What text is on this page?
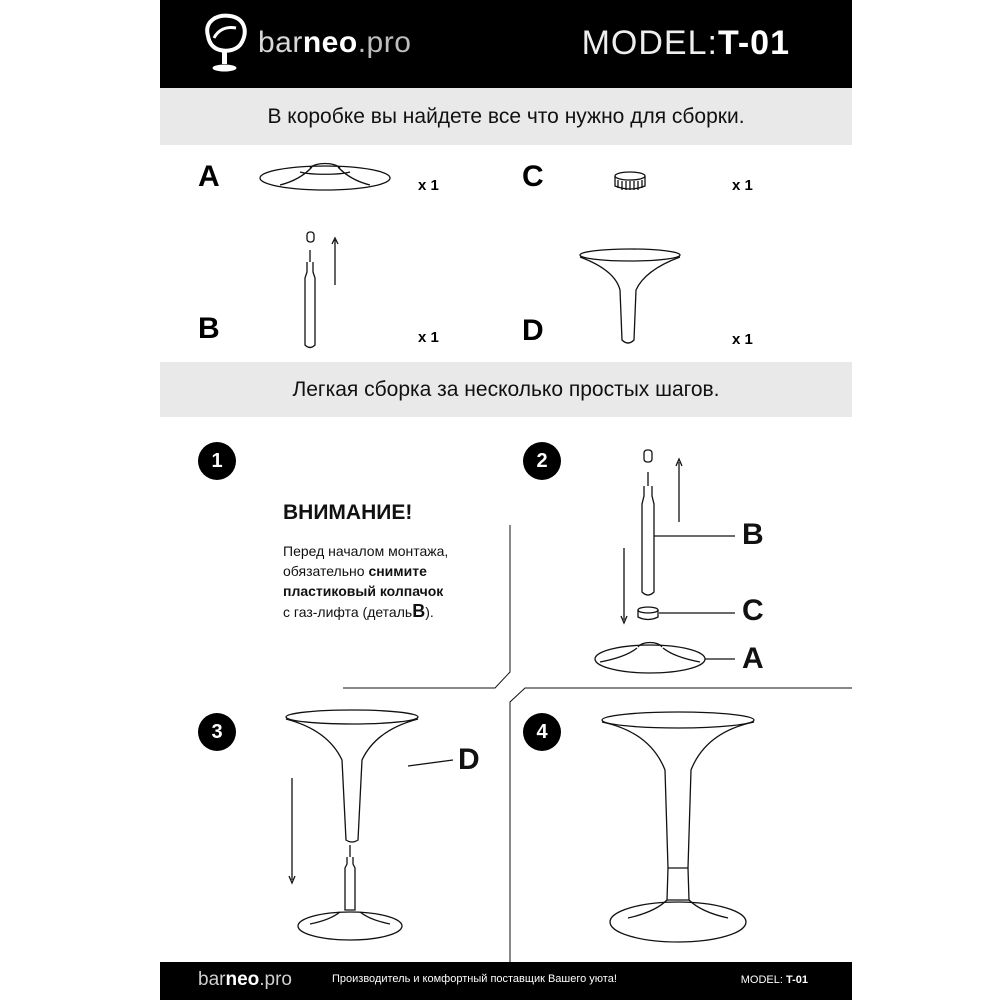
barneo.pro	MODEL:T-01
В коробке вы найдете все что нужно для сборки.
A	x 1
B	x 1
C	x 1
D	x 1
Легкая сборка за несколько простых шагов.
1	2
3	4
ВНИМАНИЕ!
Перед началом монтажа,
обязательно снимите
пластиковый колпачок
с газ-лифта (детальB).
B
C
A
D
barneo.pro	Производитель и комфортный поставщик Вашего уюта!	MODEL: T-01
